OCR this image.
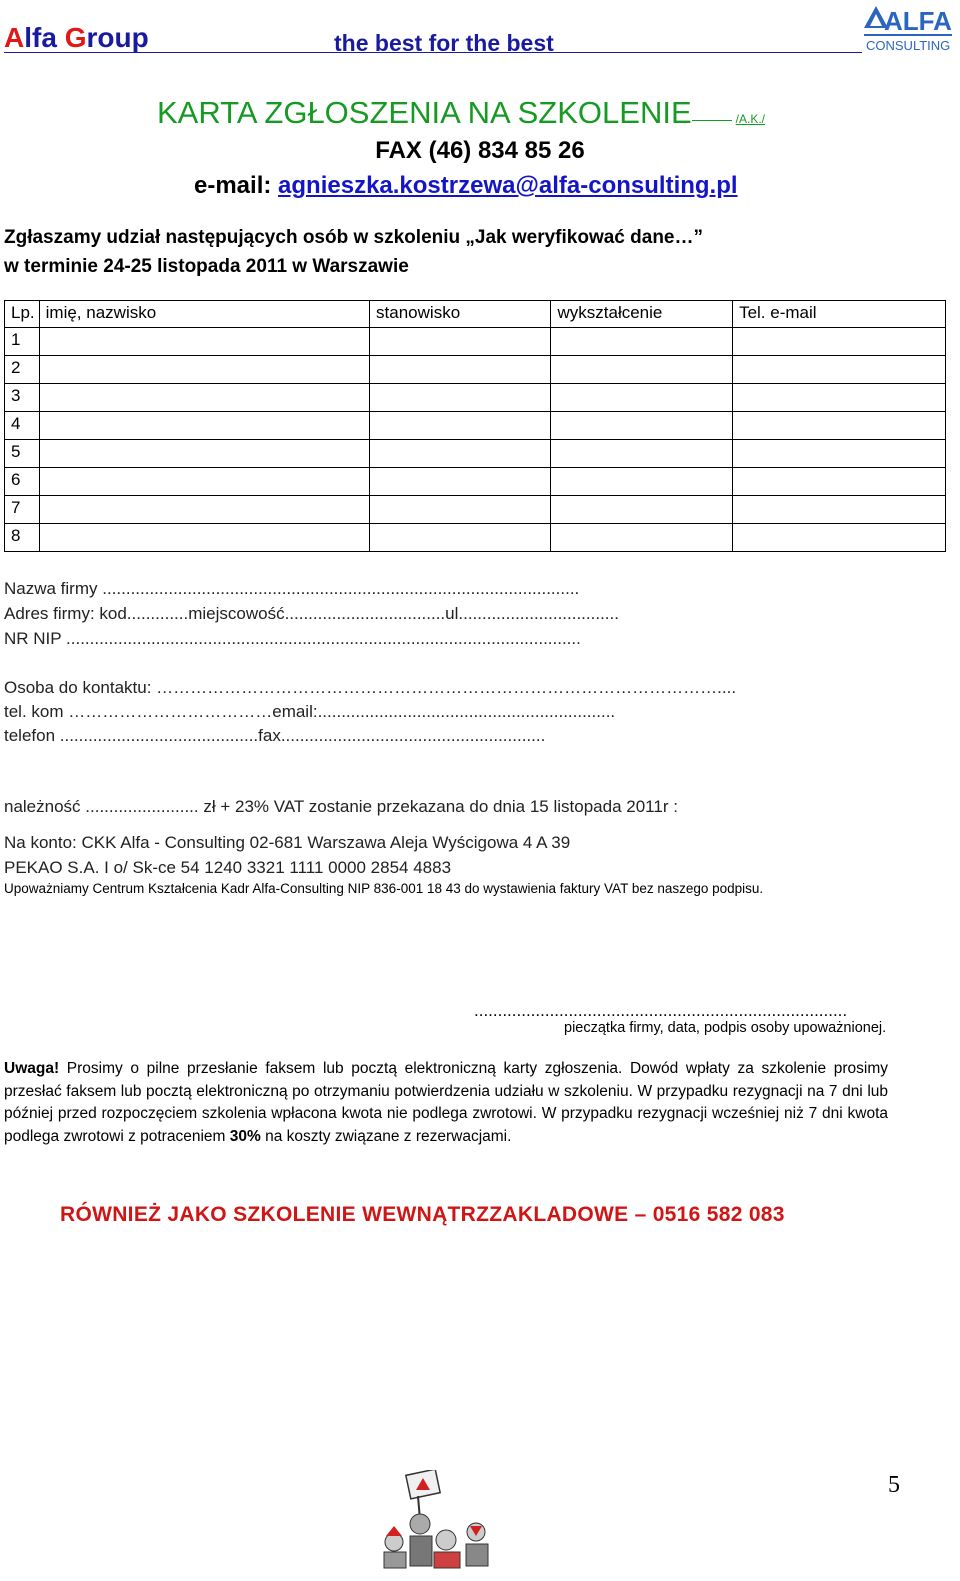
Alfa Group	the best for the best
ALFA
CONSULTING
KARTA ZGŁOSZENIA NA SZKOLENIE	/A.K./
FAX (46) 834 85 26
e-mail: agnieszka.kostrzewa@alfa-consulting.pl
Zgłaszamy udział następujących osób w szkoleniu „Jak weryfikować dane…”
w terminie 24-25 listopada 2011 w Warszawie
Lp.	imię, nazwisko	stanowisko	wykształcenie	Tel. e-mail
1				
2				
3				
4				
5				
6				
7				
8				
Nazwa firmy .....................................................................................................
Adres firmy: kod.............miejscowość..................................ul..................................
NR NIP .............................................................................................................
Osoba do kontaktu: ………………………………………………………………………………………....
tel. kom ………………………………email:...............................................................
telefon ..........................................fax........................................................
należność ........................ zł + 23% VAT zostanie przekazana do dnia 15 listopada 2011r :
Na konto: CKK Alfa - Consulting 02-681 Warszawa Aleja Wyścigowa 4 A 39
PEKAO S.A. I o/ Sk-ce 54 1240 3321 1111 0000 2854 4883
Upoważniamy Centrum Kształcenia Kadr Alfa-Consulting NIP 836-001 18 43 do wystawienia faktury VAT bez naszego podpisu.
...............................................................................
pieczątka firmy, data, podpis osoby upoważnionej.
Uwaga! Prosimy o pilne przesłanie faksem lub pocztą elektroniczną karty zgłoszenia. Dowód wpłaty za szkolenie prosimy przesłać faksem lub pocztą elektroniczną po otrzymaniu potwierdzenia udziału w szkoleniu. W przypadku rezygnacji na 7 dni lub później przed rozpoczęciem szkolenia wpłacona kwota nie podlega zwrotowi. W przypadku rezygnacji wcześniej niż 7 dni kwota podlega zwrotowi z potraceniem 30% na koszty związane z rezerwacjami.
RÓWNIEŻ JAKO SZKOLENIE WEWNĄTRZZAKLADOWE – 0516 582 083
5
